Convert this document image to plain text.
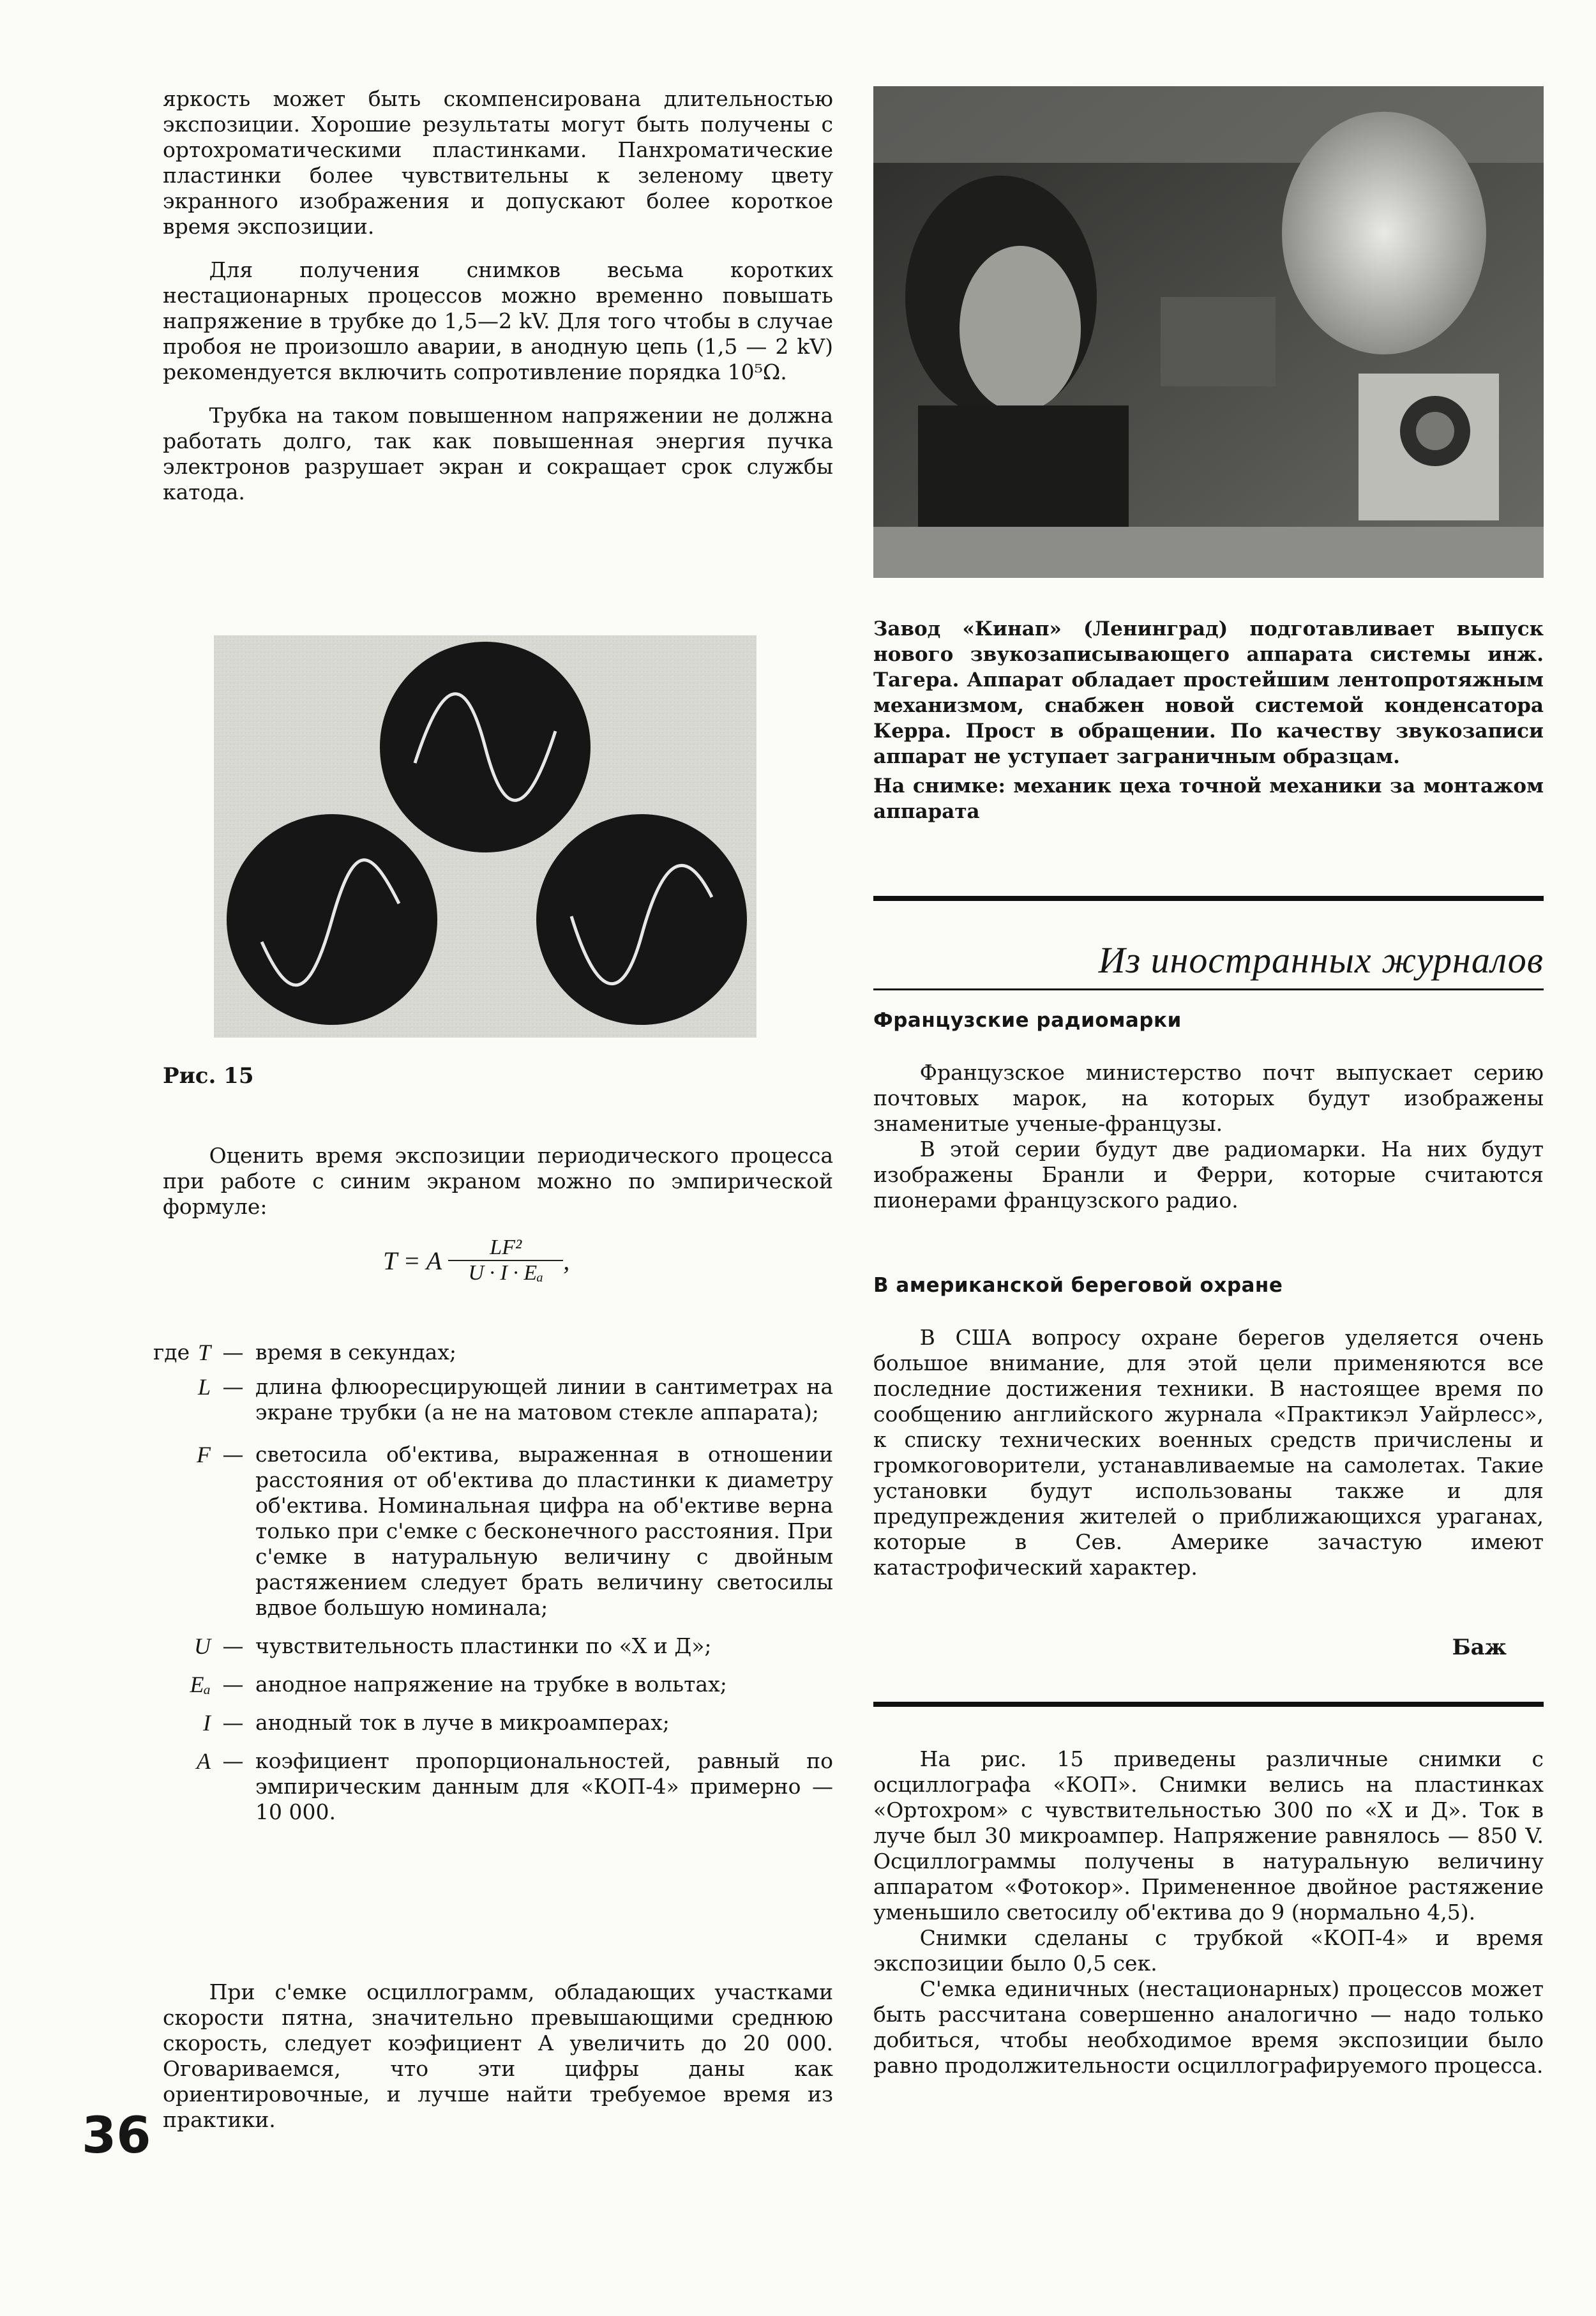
яркость может быть скомпенсирована длительностью экспозиции. Хорошие результаты могут быть получены с ортохроматическими пластинками. Панхроматические пластинки более чувствительны к зеленому цвету экранного изображения и допускают более короткое время экспозиции.

Для получения снимков весьма коротких нестационарных процессов можно временно повышать напряжение в трубке до 1,5—2 kV. Для того чтобы в случае пробоя не произошло аварии, в анодную цепь (1,5 — 2 kV) рекомендуется включить сопротивление порядка 10⁵Ω.

Трубка на таком повышенном напряжении не должна работать долго, так как повышенная энергия пучка электронов разрушает экран и сокращает срок службы катода.

Рис. 15

Оценить время экспозиции периодического процесса при работе с синим экраном можно по эмпирической формуле:

T = A LF²
U · I · Eₐ ,
где T — время в секундах;
L — длина флюоресцирующей линии в сантиметрах на экране трубки (а не на матовом стекле аппарата);
F — светосила об'ектива, выраженная в отношении расстояния от об'ектива до пластинки к диаметру об'ектива. Номинальная цифра на об'ективе верна только при с'емке с бесконечного расстояния. При с'емке в натуральную величину с двойным растяжением следует брать величину светосилы вдвое большую номинала;
U — чувствительность пластинки по «Х и Д»;
Eₐ — анодное напряжение на трубке в вольтах;
I — анодный ток в луче в микроамперах;
A — коэфициент пропорциональностей, равный по эмпирическим данным для «КОП-4» примерно — 10 000.

При с'емке осциллограмм, обладающих участками скорости пятна, значительно превышающими среднюю скорость, следует коэфициент A увеличить до 20 000. Оговариваемся, что эти цифры даны как ориентировочные, и лучше найти требуемое время из практики.

36
Завод «Кинап» (Ленинград) подготавливает выпуск нового звукозаписывающего аппарата системы инж. Тагера. Аппарат обладает простейшим лентопротяжным механизмом, снабжен новой системой конденсатора Керра. Прост в обращении. По качеству звукозаписи аппарат не уступает заграничным образцам.
На снимке: механик цеха точной механики за монтажом аппарата
Из иностранных журналов
Французские радиомарки

Французское министерство почт выпускает серию почтовых марок, на которых будут изображены знаменитые ученые-французы.

В этой серии будут две радиомарки. На них будут изображены Бранли и Ферри, которые считаются пионерами французского радио.

В американской береговой охране

В США вопросу охране берегов уделяется очень большое внимание, для этой цели применяются все последние достижения техники. В настоящее время по сообщению английского журнала «Практикэл Уайрлесс», к списку технических военных средств причислены и громкоговорители, устанавливаемые на самолетах. Такие установки будут использованы также и для предупреждения жителей о приближающихся ураганах, которые в Сев. Америке зачастую имеют катастрофический характер.

Баж

На рис. 15 приведены различные снимки с осциллографа «КОП». Снимки велись на пластинках «Ортохром» с чувствительностью 300 по «Х и Д». Ток в луче был 30 микроампер. Напряжение равнялось — 850 V. Осциллограммы получены в натуральную величину аппаратом «Фотокор». Примененное двойное растяжение уменьшило светосилу об'ектива до 9 (нормально 4,5).

Снимки сделаны с трубкой «КОП-4» и время экспозиции было 0,5 сек.

С'емка единичных (нестационарных) процессов может быть рассчитана совершенно аналогично — надо только добиться, чтобы необходимое время экспозиции было равно продолжительности осциллографируемого процесса.
